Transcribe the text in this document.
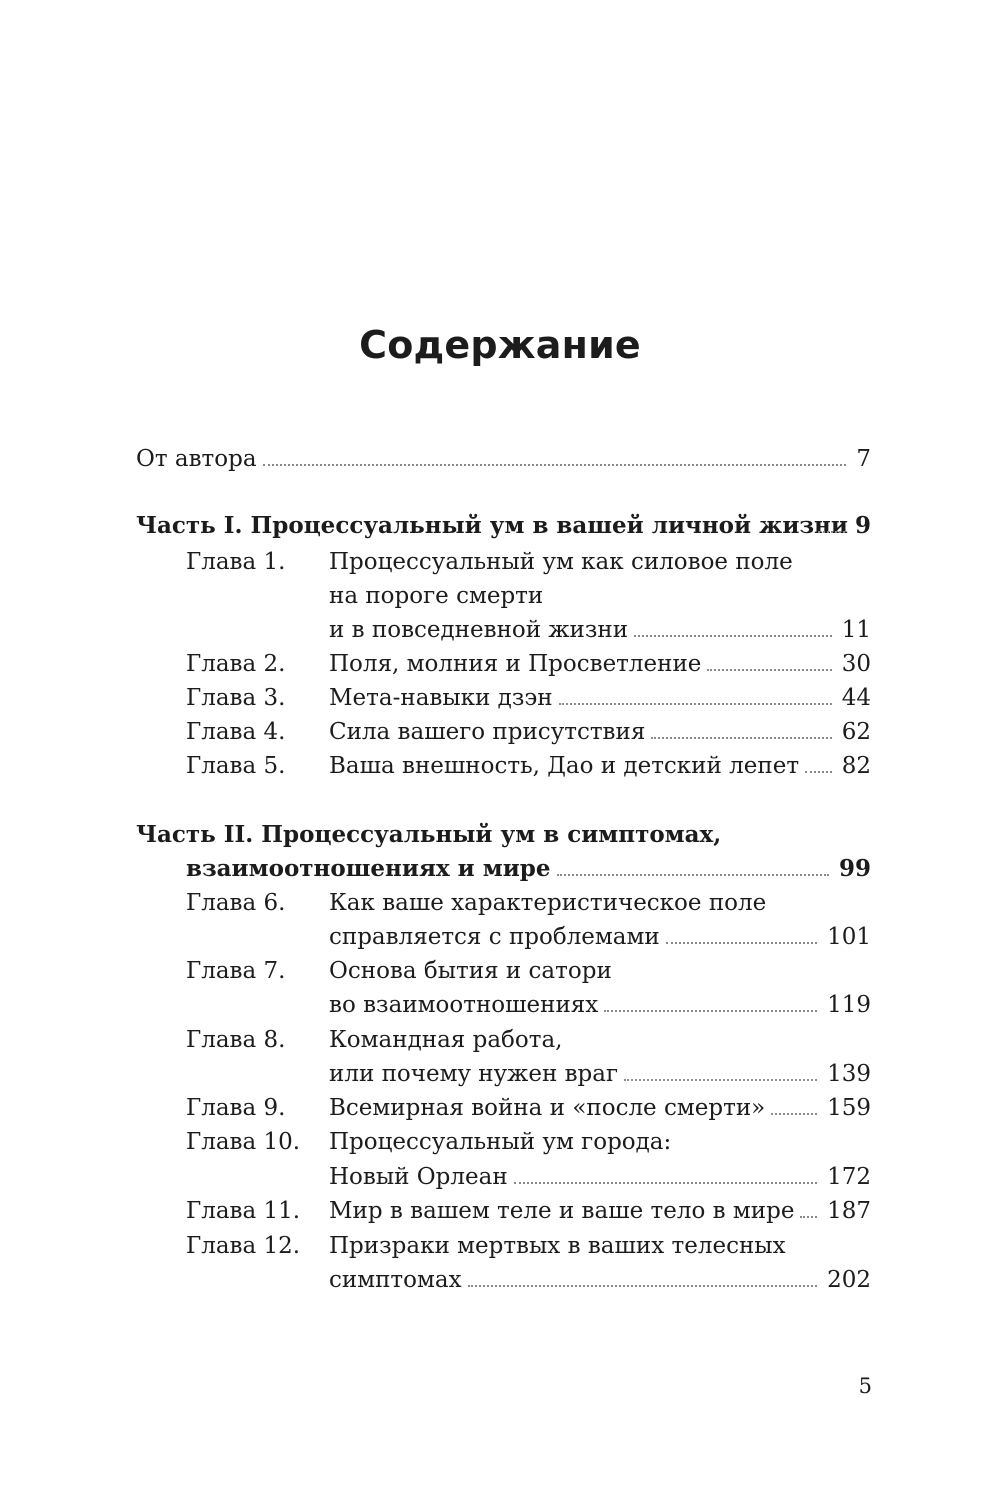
Содержание
От автора	7
Часть I. Процессуальный ум в вашей личной жизни 9
Глава 1. Процессуальный ум как силовое поле
на пороге смерти
и в повседневной жизни	11
Глава 2. Поля, молния и Просветление	30
Глава 3. Мета-навыки дзэн	44
Глава 4. Сила вашего присутствия	62
Глава 5. Ваша внешность, Дао и детский лепет 82
Часть II. Процессуальный ум в симптомах,
взаимоотношениях и мире	99
Глава 6. Как ваше характеристическое поле
справляется с проблемами	101
Глава 7. Основа бытия и сатори
во взаимоотношениях	119
Глава 8. Командная работа,
или почему нужен враг	139
Глава 9. Всемирная война и «после смерти»	159
Глава 10. Процессуальный ум города:
Новый Орлеан	172
Глава 11. Мир в вашем теле и ваше тело в мире 187
Глава 12. Призраки мертвых в ваших телесных
симптомах	202
5
